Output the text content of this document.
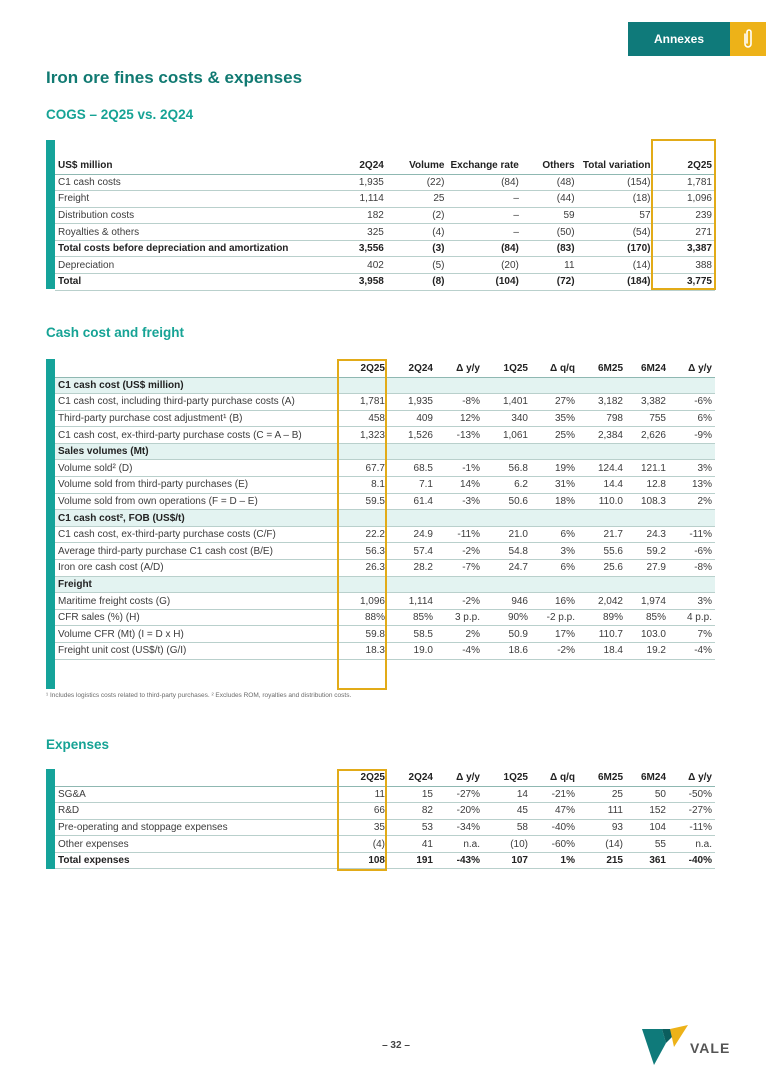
Annexes
Iron ore fines costs & expenses
COGS – 2Q25 vs. 2Q24
US$ million	2Q24	Volume	Exchange rate	Others	Total variation	2Q25
C1 cash costs	1,935	(22)	(84)	(48)	(154)	1,781
Freight	1,114	25	–	(44)	(18)	1,096
Distribution costs	182	(2)	–	59	57	239
Royalties & others	325	(4)	–	(50)	(54)	271
Total costs before depreciation and amortization	3,556	(3)	(84)	(83)	(170)	3,387
Depreciation	402	(5)	(20)	11	(14)	388
Total	3,958	(8)	(104)	(72)	(184)	3,775
Cash cost and freight
	2Q25	2Q24	Δ y/y	1Q25	Δ q/q	6M25	6M24	Δ y/y
C1 cash cost (US$ million)								
C1 cash cost, including third-party purchase costs (A)	1,781	1,935	-8%	1,401	27%	3,182	3,382	-6%
Third-party purchase cost adjustment¹ (B)	458	409	12%	340	35%	798	755	6%
C1 cash cost, ex-third-party purchase costs (C = A – B)	1,323	1,526	-13%	1,061	25%	2,384	2,626	-9%
Sales volumes (Mt)								
Volume sold² (D)	67.7	68.5	-1%	56.8	19%	124.4	121.1	3%
Volume sold from third-party purchases (E)	8.1	7.1	14%	6.2	31%	14.4	12.8	13%
Volume sold from own operations (F = D – E)	59.5	61.4	-3%	50.6	18%	110.0	108.3	2%
C1 cash cost², FOB (US$/t)								
C1 cash cost, ex-third-party purchase costs (C/F)	22.2	24.9	-11%	21.0	6%	21.7	24.3	-11%
Average third-party purchase C1 cash cost (B/E)	56.3	57.4	-2%	54.8	3%	55.6	59.2	-6%
Iron ore cash cost (A/D)	26.3	28.2	-7%	24.7	6%	25.6	27.9	-8%
Freight								
Maritime freight costs (G)	1,096	1,114	-2%	946	16%	2,042	1,974	3%
CFR sales (%) (H)	88%	85%	3 p.p.	90%	-2 p.p.	89%	85%	4 p.p.
Volume CFR (Mt) (I = D x H)	59.8	58.5	2%	50.9	17%	110.7	103.0	7%
Freight unit cost (US$/t) (G/I)	18.3	19.0	-4%	18.6	-2%	18.4	19.2	-4%
¹ Includes logistics costs related to third-party purchases. ² Excludes ROM, royalties and distribution costs.
Expenses
	2Q25	2Q24	Δ y/y	1Q25	Δ q/q	6M25	6M24	Δ y/y
SG&A	11	15	-27%	14	-21%	25	50	-50%
R&D	66	82	-20%	45	47%	111	152	-27%
Pre-operating and stoppage expenses	35	53	-34%	58	-40%	93	104	-11%
Other expenses	(4)	41	n.a.	(10)	-60%	(14)	55	n.a.
Total expenses	108	191	-43%	107	1%	215	361	-40%
– 32 –	VALE
